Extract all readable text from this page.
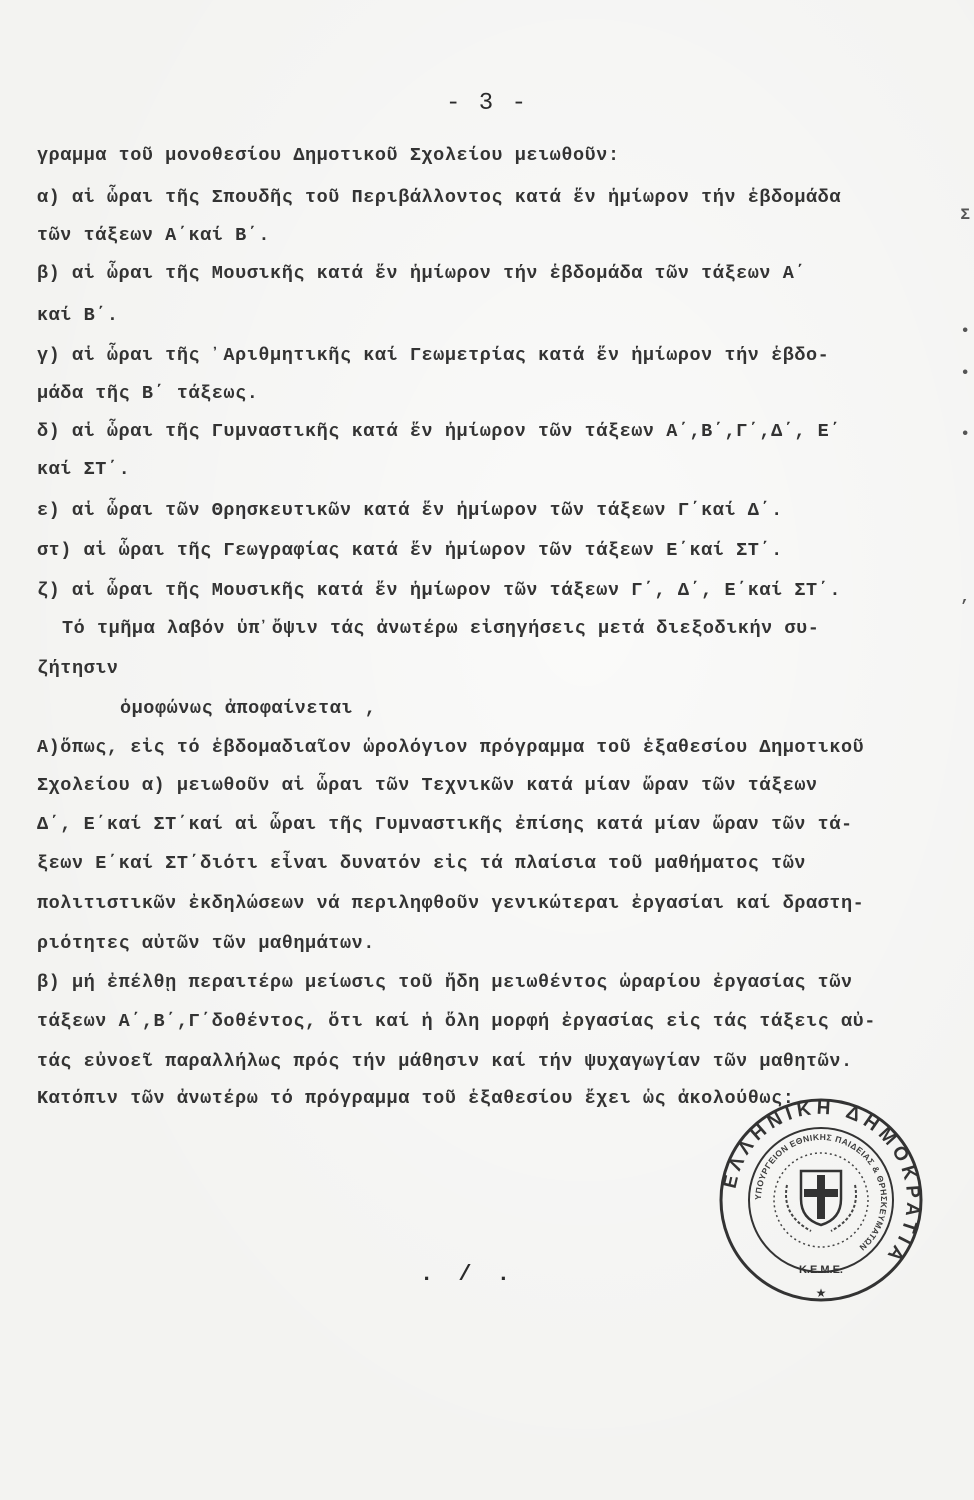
- 3 -
γραμμα τοῦ μονοθεσίου Δημοτικοῦ Σχολείου μειωθοῦν:
α) αἱ ὧραι τῆς Σπουδῆς τοῦ Περιβάλλοντος κατά ἕν ἡμίωρον τήν ἑβδομάδα
τῶν τάξεων Α΄καί Β΄.
β) αἱ ὧραι τῆς Μουσικῆς κατά ἕν ἡμίωρον τήν ἑβδομάδα τῶν τάξεων Α΄
καί Β΄.
γ) αἱ ὧραι τῆς ᾿Αριθμητικῆς καί Γεωμετρίας κατά ἕν ἡμίωρον τήν ἑβδο-
μάδα τῆς Β΄ τάξεως.
δ) αἱ ὧραι τῆς Γυμναστικῆς κατά ἕν ἡμίωρον τῶν τάξεων Α΄,Β΄,Γ΄,Δ΄, Ε΄
καί ΣΤ΄.
ε) αἱ ὧραι τῶν Θρησκευτικῶν κατά ἕν ἡμίωρον τῶν τάξεων Γ΄καί Δ΄.
στ) αἱ ὧραι τῆς Γεωγραφίας κατά ἕν ἡμίωρον τῶν τάξεων Ε΄καί ΣΤ΄.
ζ) αἱ ὧραι τῆς Μουσικῆς κατά ἕν ἡμίωρον τῶν τάξεων Γ΄, Δ΄, Ε΄καί ΣΤ΄.
Τό τμῆμα λαβόν ὑπ᾿ὄψιν τάς ἀνωτέρω εἰσηγήσεις μετά διεξοδικήν συ-
ζήτησιν
ὁμοφώνως ἀποφαίνεται ,
Α)ὅπως, εἰς τό ἑβδομαδιαῖον ὡρολόγιον πρόγραμμα τοῦ ἑξαθεσίου Δημοτικοῦ
Σχολείου α) μειωθοῦν αἱ ὧραι τῶν Τεχνικῶν κατά μίαν ὥραν τῶν τάξεων
Δ΄, Ε΄καί ΣΤ΄καί αἱ ὧραι τῆς Γυμναστικῆς ἐπίσης κατά μίαν ὥραν τῶν τά-
ξεων Ε΄καί ΣΤ΄διότι εἶναι δυνατόν εἰς τά πλαίσια τοῦ μαθήματος τῶν
πολιτιστικῶν ἐκδηλώσεων νά περιληφθοῦν γενικώτεραι ἐργασίαι καί δραστη-
ριότητες αὐτῶν τῶν μαθημάτων.
β) μή ἐπέλθῃ περαιτέρω μείωσις τοῦ ἤδη μειωθέντος ὡραρίου ἐργασίας τῶν
τάξεων Α΄,Β΄,Γ΄δοθέντος, ὅτι καί ἡ ὅλη μορφή ἐργασίας εἰς τάς τάξεις αὐ-
τάς εὐνοεῖ παραλλήλως πρός τήν μάθησιν καί τήν ψυχαγωγίαν τῶν μαθητῶν.
Κατόπιν τῶν ἀνωτέρω τό πρόγραμμα τοῦ ἑξαθεσίου ἔχει ὡς ἀκολούθως:
. / .
ΕΛΛΗΝΙΚΗ ΔΗΜΟΚΡΑΤΙΑ
ΥΠΟΥΡΓΕΙΟΝ ΕΘΝΙΚΗΣ ΠΑΙΔΕΙΑΣ & ΘΡΗΣΚΕΥΜΑΤΩΝ
Κ.Ε.Μ.Ε.
★
Σ
•
•
•
,
